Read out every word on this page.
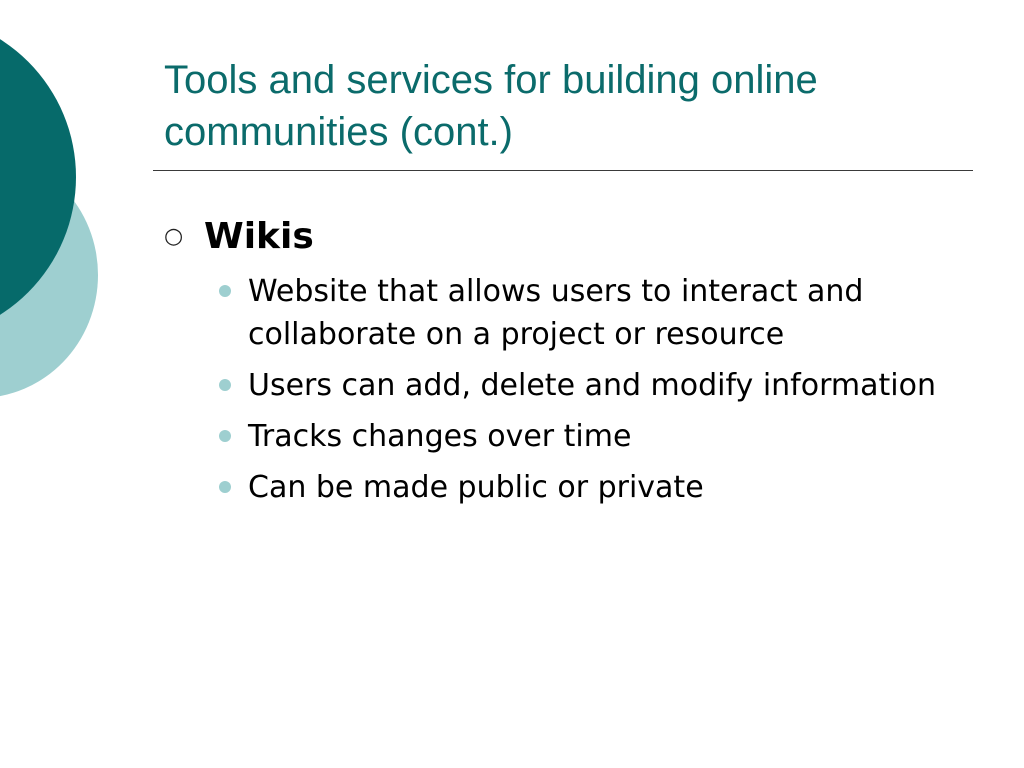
Tools and services for building online communities (cont.)
○ Wikis
Website that allows users to interact and collaborate on a project or resource
Users can add, delete and modify information
Tracks changes over time
Can be made public or private
